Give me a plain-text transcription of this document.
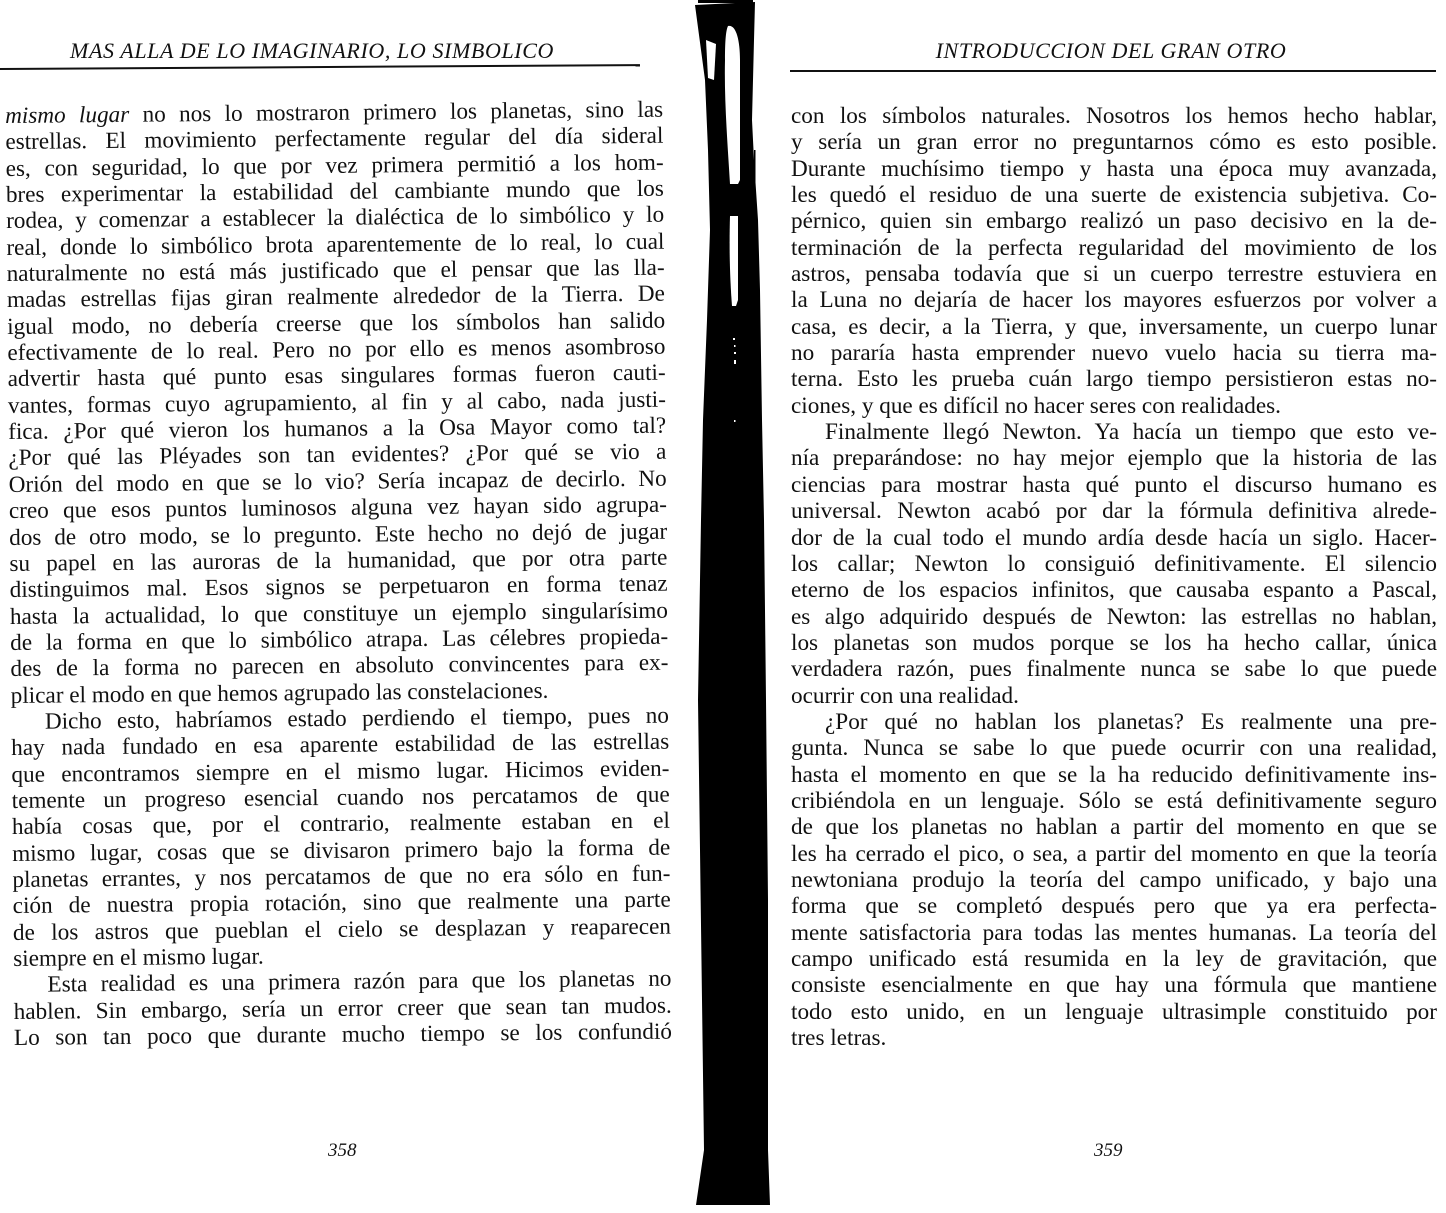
MAS ALLA DE LO IMAGINARIO, LO SIMBOLICO
mismo lugar no nos lo mostraron primero los planetas, sino las
estrellas. El movimiento perfectamente regular del día sideral
es, con seguridad, lo que por vez primera permitió a los hom-
bres experimentar la estabilidad del cambiante mundo que los
rodea, y comenzar a establecer la dialéctica de lo simbólico y lo
real, donde lo simbólico brota aparentemente de lo real, lo cual
naturalmente no está más justificado que el pensar que las lla-
madas estrellas fijas giran realmente alrededor de la Tierra. De
igual modo, no debería creerse que los símbolos han salido
efectivamente de lo real. Pero no por ello es menos asombroso
advertir hasta qué punto esas singulares formas fueron cauti-
vantes, formas cuyo agrupamiento, al fin y al cabo, nada justi-
fica. ¿Por qué vieron los humanos a la Osa Mayor como tal?
¿Por qué las Pléyades son tan evidentes? ¿Por qué se vio a
Orión del modo en que se lo vio? Sería incapaz de decirlo. No
creo que esos puntos luminosos alguna vez hayan sido agrupa-
dos de otro modo, se lo pregunto. Este hecho no dejó de jugar
su papel en las auroras de la humanidad, que por otra parte
distinguimos mal. Esos signos se perpetuaron en forma tenaz
hasta la actualidad, lo que constituye un ejemplo singularísimo
de la forma en que lo simbólico atrapa. Las célebres propieda-
des de la forma no parecen en absoluto convincentes para ex-
plicar el modo en que hemos agrupado las constelaciones.
Dicho esto, habríamos estado perdiendo el tiempo, pues no
hay nada fundado en esa aparente estabilidad de las estrellas
que encontramos siempre en el mismo lugar. Hicimos eviden-
temente un progreso esencial cuando nos percatamos de que
había cosas que, por el contrario, realmente estaban en el
mismo lugar, cosas que se divisaron primero bajo la forma de
planetas errantes, y nos percatamos de que no era sólo en fun-
ción de nuestra propia rotación, sino que realmente una parte
de los astros que pueblan el cielo se desplazan y reaparecen
siempre en el mismo lugar.
Esta realidad es una primera razón para que los planetas no
hablen. Sin embargo, sería un error creer que sean tan mudos.
Lo son tan poco que durante mucho tiempo se los confundió
358
INTRODUCCION DEL GRAN OTRO
con los símbolos naturales. Nosotros los hemos hecho hablar,
y sería un gran error no preguntarnos cómo es esto posible.
Durante muchísimo tiempo y hasta una época muy avanzada,
les quedó el residuo de una suerte de existencia subjetiva. Co-
pérnico, quien sin embargo realizó un paso decisivo en la de-
terminación de la perfecta regularidad del movimiento de los
astros, pensaba todavía que si un cuerpo terrestre estuviera en
la Luna no dejaría de hacer los mayores esfuerzos por volver a
casa, es decir, a la Tierra, y que, inversamente, un cuerpo lunar
no pararía hasta emprender nuevo vuelo hacia su tierra ma-
terna. Esto les prueba cuán largo tiempo persistieron estas no-
ciones, y que es difícil no hacer seres con realidades.
Finalmente llegó Newton. Ya hacía un tiempo que esto ve-
nía preparándose: no hay mejor ejemplo que la historia de las
ciencias para mostrar hasta qué punto el discurso humano es
universal. Newton acabó por dar la fórmula definitiva alrede-
dor de la cual todo el mundo ardía desde hacía un siglo. Hacer-
los callar; Newton lo consiguió definitivamente. El silencio
eterno de los espacios infinitos, que causaba espanto a Pascal,
es algo adquirido después de Newton: las estrellas no hablan,
los planetas son mudos porque se los ha hecho callar, única
verdadera razón, pues finalmente nunca se sabe lo que puede
ocurrir con una realidad.
¿Por qué no hablan los planetas? Es realmente una pre-
gunta. Nunca se sabe lo que puede ocurrir con una realidad,
hasta el momento en que se la ha reducido definitivamente ins-
cribiéndola en un lenguaje. Sólo se está definitivamente seguro
de que los planetas no hablan a partir del momento en que se
les ha cerrado el pico, o sea, a partir del momento en que la teoría
newtoniana produjo la teoría del campo unificado, y bajo una
forma que se completó después pero que ya era perfecta-
mente satisfactoria para todas las mentes humanas. La teoría del
campo unificado está resumida en la ley de gravitación, que
consiste esencialmente en que hay una fórmula que mantiene
todo esto unido, en un lenguaje ultrasimple constituido por
tres letras.
359
